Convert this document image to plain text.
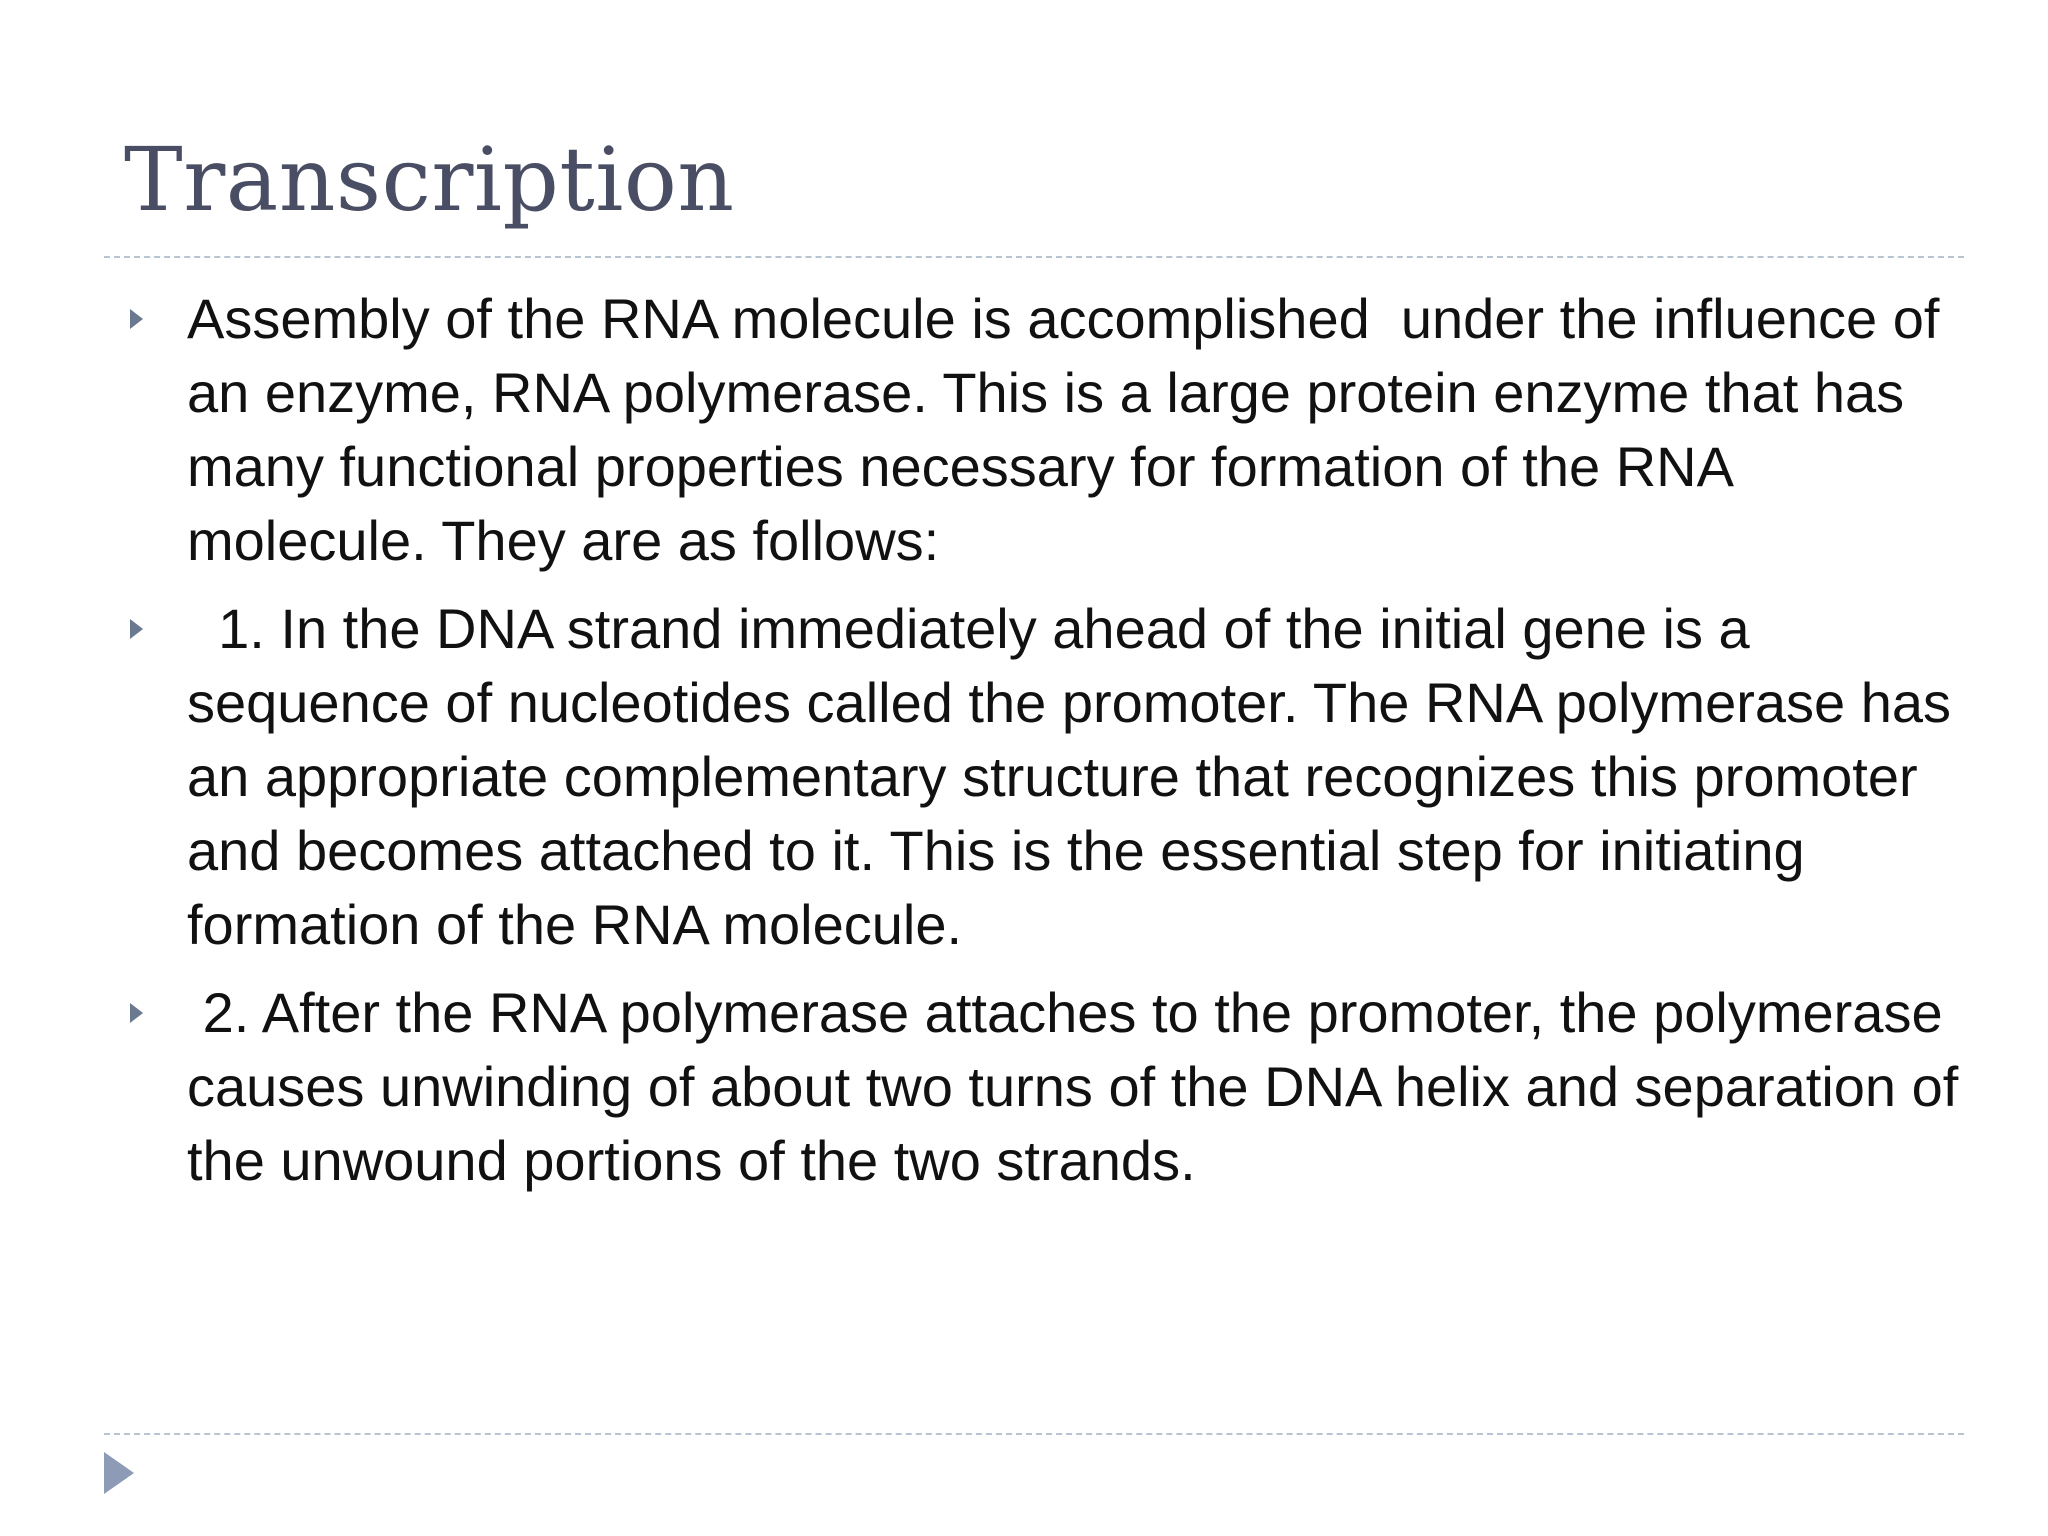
Transcription
Assembly of the RNA molecule is accomplished  under the influence of an enzyme, RNA polymerase. This is a large protein enzyme that has many functional properties necessary for formation of the RNA molecule. They are as follows:
1. In the DNA strand immediately ahead of the initial gene is a sequence of nucleotides called the promoter. The RNA polymerase has an appropriate complementary structure that recognizes this promoter and becomes attached to it. This is the essential step for initiating formation of the RNA molecule.
2. After the RNA polymerase attaches to the promoter, the polymerase causes unwinding of about two turns of the DNA helix and separation of the unwound portions of the two strands.
